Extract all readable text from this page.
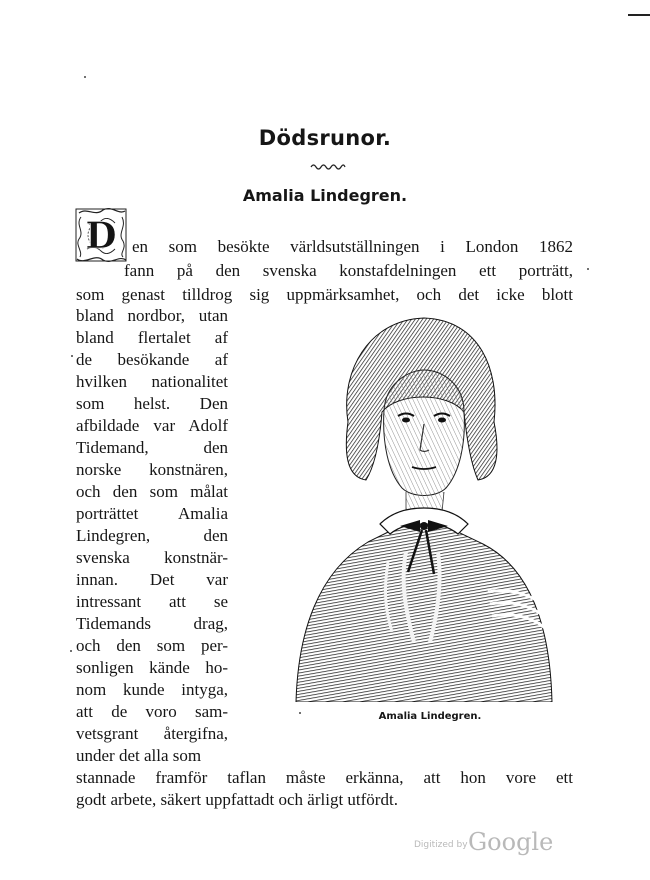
Dödsrunor.
Amalia Lindegren.
D en som besökte världsutställningen i London 1862
fann på den svenska konstafdelningen ett porträtt,
som genast tilldrog sig uppmärksamhet, och det icke blott
bland nordbor, utan
bland flertalet af
de besökande af
hvilken nationalitet
som helst. Den
afbildade var Adolf
Tidemand, den
norske konstnären,
och den som målat
porträttet Amalia
Lindegren, den
svenska konstnär-
innan. Det var
intressant att se
Tidemands drag,
och den som per-
sonligen kände ho-
nom kunde intyga,
att de voro sam-
vetsgrant återgifna,
under det alla som
stannade framför taflan måste erkänna, att hon vore ett
godt arbete, säkert uppfattadt och ärligt utfördt.
Amalia Lindegren.
Digitized by Google
